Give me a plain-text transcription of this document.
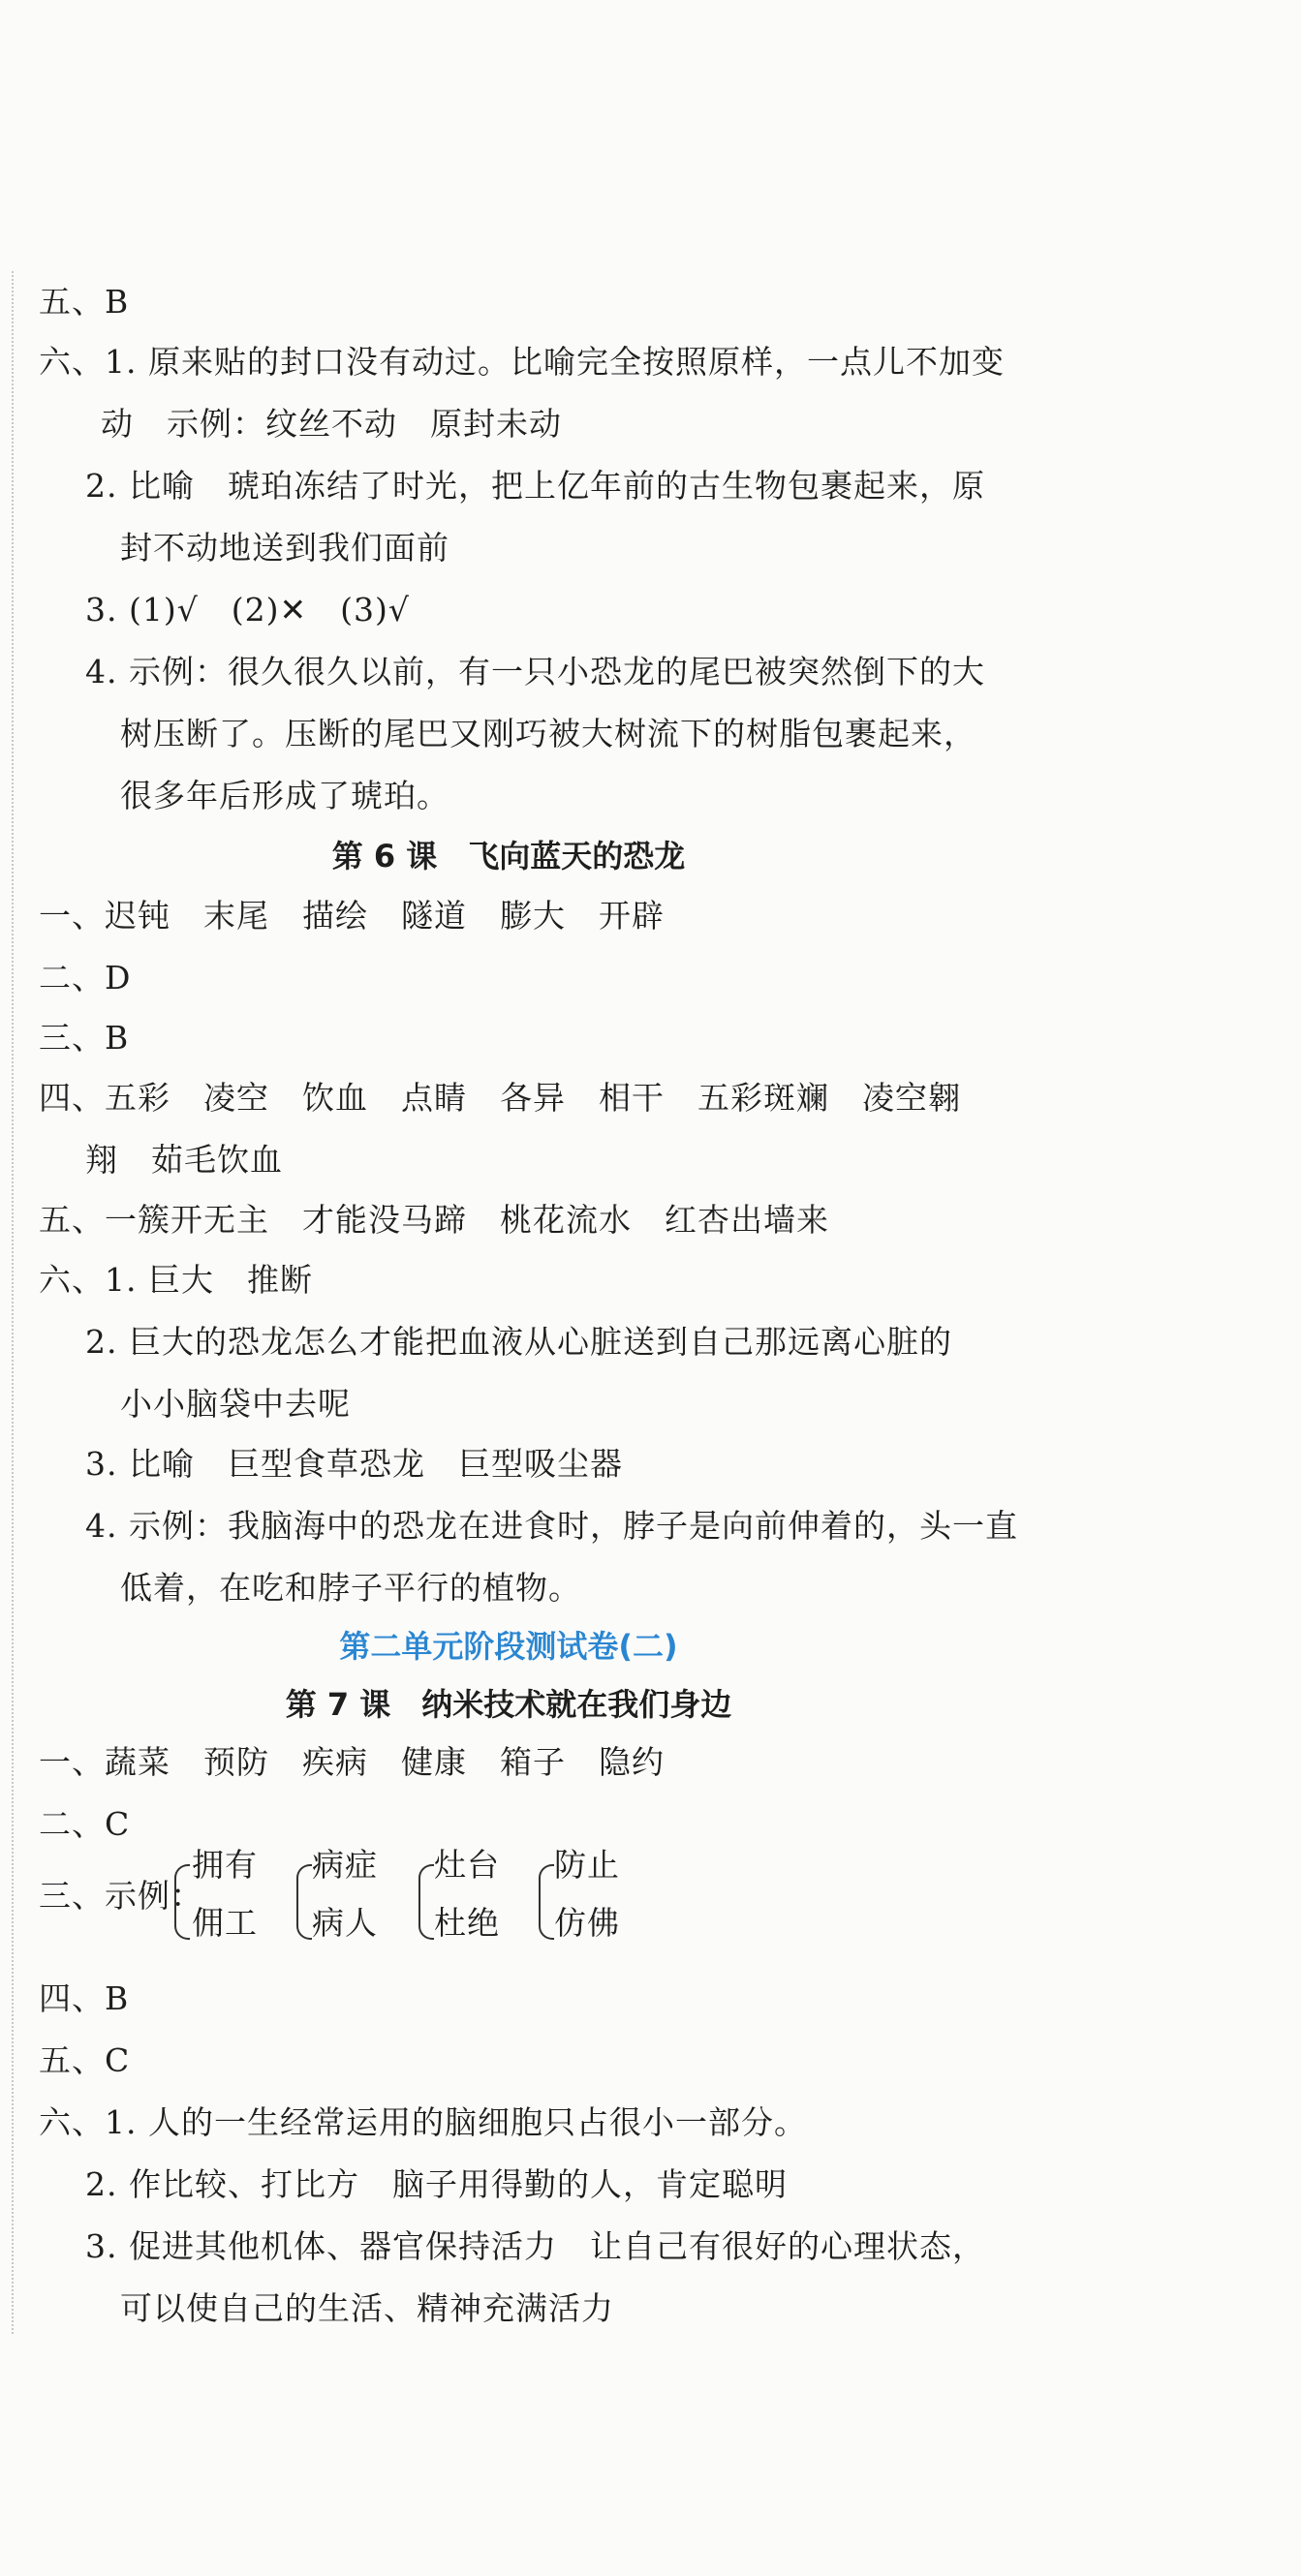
五、B
六、1. 原来贴的封口没有动过。比喻完全按照原样，一点儿不加变
动　示例：纹丝不动　原封未动
2. 比喻　琥珀冻结了时光，把上亿年前的古生物包裹起来，原
封不动地送到我们面前
3. (1)√　(2)✕　(3)√
4. 示例：很久很久以前，有一只小恐龙的尾巴被突然倒下的大
树压断了。压断的尾巴又刚巧被大树流下的树脂包裹起来，
很多年后形成了琥珀。
第 6 课　飞向蓝天的恐龙
一、迟钝　末尾　描绘　隧道　膨大　开辟
二、D
三、B
四、五彩　凌空　饮血　点睛　各异　相干　五彩斑斓　凌空翱
翔　茹毛饮血
五、一簇开无主　才能没马蹄　桃花流水　红杏出墙来
六、1. 巨大　推断
2. 巨大的恐龙怎么才能把血液从心脏送到自己那远离心脏的
小小脑袋中去呢
3. 比喻　巨型食草恐龙　巨型吸尘器
4. 示例：我脑海中的恐龙在进食时，脖子是向前伸着的，头一直
低着，在吃和脖子平行的植物。
第二单元阶段测试卷(二)
第 7 课　纳米技术就在我们身边
一、蔬菜　预防　疾病　健康　箱子　隐约
二、C
三、示例：
拥有
佣工
病症
病人
灶台
杜绝
防止
仿佛
四、B
五、C
六、1. 人的一生经常运用的脑细胞只占很小一部分。
2. 作比较、打比方　脑子用得勤的人，肯定聪明
3. 促进其他机体、器官保持活力　让自己有很好的心理状态，
可以使自己的生活、精神充满活力
